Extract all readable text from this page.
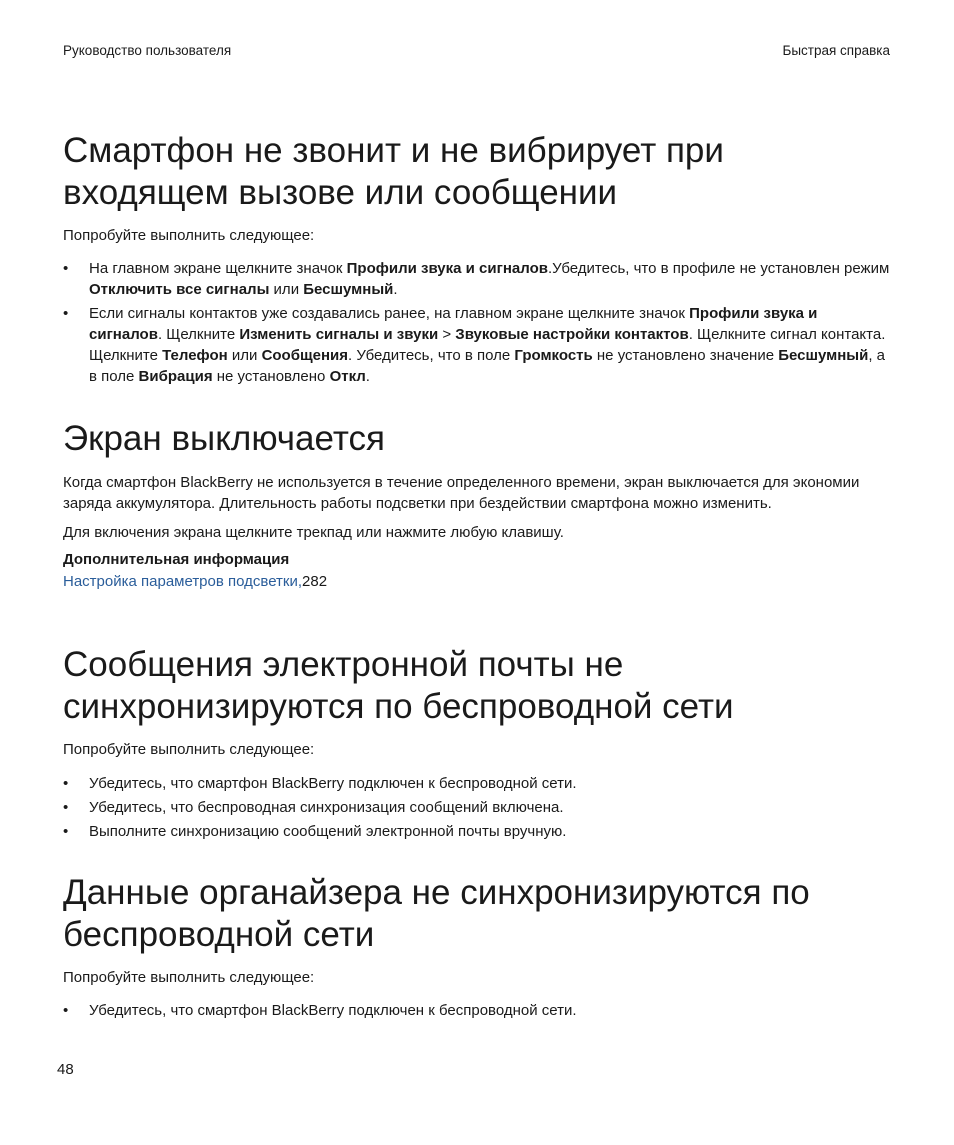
Руководство пользователя	Быстрая справка
Смартфон не звонит и не вибрирует при
входящем вызове или сообщении

Попробуйте выполнить следующее:

• На главном экране щелкните значок Профили звука и сигналов.Убедитесь, что в профиле не установлен режим Отключить все сигналы или Бесшумный.
• Если сигналы контактов уже создавались ранее, на главном экране щелкните значок Профили звука и сигналов. Щелкните Изменить сигналы и звуки > Звуковые настройки контактов. Щелкните сигнал контакта. Щелкните Телефон или Сообщения. Убедитесь, что в поле Громкость не установлено значение Бесшумный, а в поле Вибрация не установлено Откл.
Экран выключается

Когда смартфон BlackBerry не используется в течение определенного времени, экран выключается для экономии заряда аккумулятора. Длительность работы подсветки при бездействии смартфона можно изменить.

Для включения экрана щелкните трекпад или нажмите любую клавишу.

Дополнительная информация

Настройка параметров подсветки,282

Сообщения электронной почты не
синхронизируются по беспроводной сети

Попробуйте выполнить следующее:

• Убедитесь, что смартфон BlackBerry подключен к беспроводной сети.
• Убедитесь, что беспроводная синхронизация сообщений включена.
• Выполните синхронизацию сообщений электронной почты вручную.
Данные органайзера не синхронизируются по
беспроводной сети

Попробуйте выполнить следующее:

• Убедитесь, что смартфон BlackBerry подключен к беспроводной сети.
48
